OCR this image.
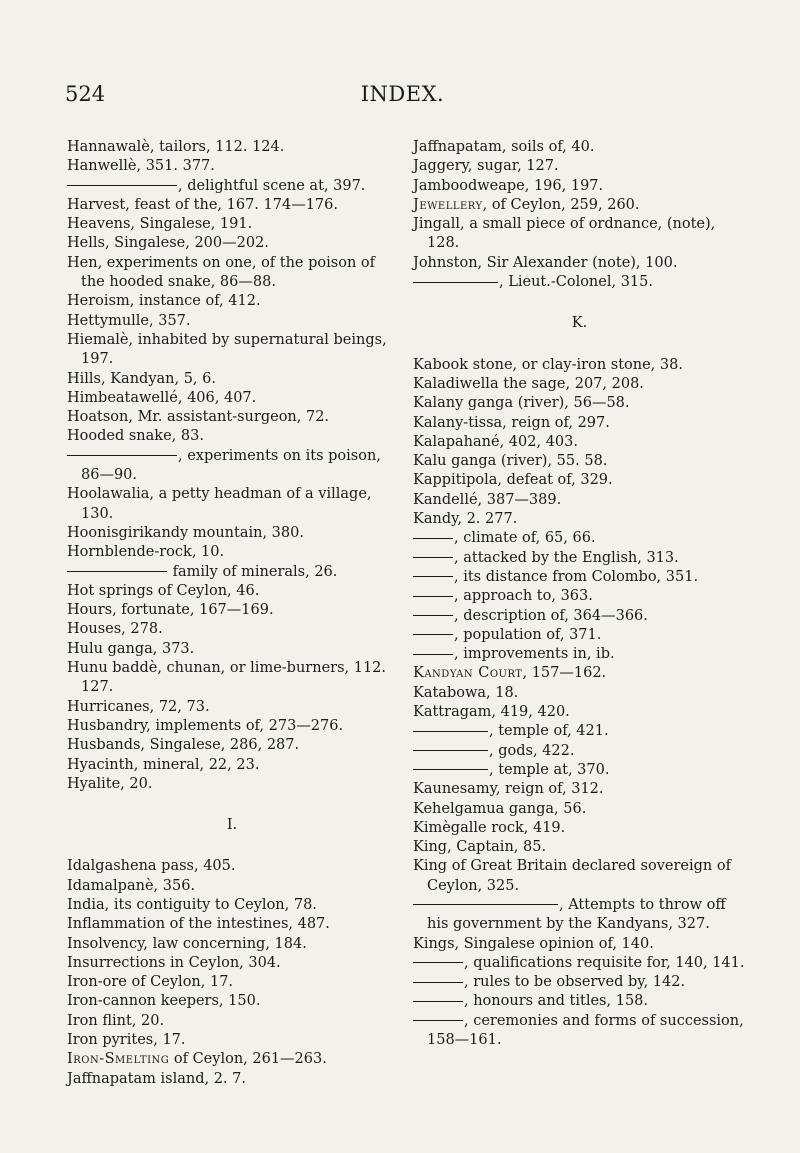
524	INDEX.
Hannawalè, tailors, 112. 124.
Hanwellè, 351. 377.
, delightful scene at, 397.
Harvest, feast of the, 167. 174—176.
Heavens, Singalese, 191.
Hells, Singalese, 200—202.
Hen, experiments on one, of the poison of the hooded snake, 86—88.
Heroism, instance of, 412.
Hettymulle, 357.
Hiemalè, inhabited by supernatural beings, 197.
Hills, Kandyan, 5, 6.
Himbeatawellé, 406, 407.
Hoatson, Mr. assistant-surgeon, 72.
Hooded snake, 83.
, experiments on its poison, 86—90.
Hoolawalia, a petty headman of a village, 130.
Hoonisgirikandy mountain, 380.
Hornblende-rock, 10.
family of minerals, 26.
Hot springs of Ceylon, 46.
Hours, fortunate, 167—169.
Houses, 278.
Hulu ganga, 373.
Hunu baddè, chunan, or lime-burners, 112. 127.
Hurricanes, 72, 73.
Husbandry, implements of, 273—276.
Husbands, Singalese, 286, 287.
Hyacinth, mineral, 22, 23.
Hyalite, 20.
I.
Idalgashena pass, 405.
Idamalpanè, 356.
India, its contiguity to Ceylon, 78.
Inflammation of the intestines, 487.
Insolvency, law concerning, 184.
Insurrections in Ceylon, 304.
Iron-ore of Ceylon, 17.
Iron-cannon keepers, 150.
Iron flint, 20.
Iron pyrites, 17.
Iron-Smelting of Ceylon, 261—263.
Jaffnapatam island, 2. 7.
Jaffnapatam, soils of, 40.
Jaggery, sugar, 127.
Jamboodweape, 196, 197.
Jewellery, of Ceylon, 259, 260.
Jingall, a small piece of ordnance, (note), 128.
Johnston, Sir Alexander (note), 100.
, Lieut.-Colonel, 315.
K.
Kabook stone, or clay-iron stone, 38.
Kaladiwella the sage, 207, 208.
Kalany ganga (river), 56—58.
Kalany-tissa, reign of, 297.
Kalapahané, 402, 403.
Kalu ganga (river), 55. 58.
Kappitipola, defeat of, 329.
Kandellé, 387—389.
Kandy, 2. 277.
, climate of, 65, 66.
, attacked by the English, 313.
, its distance from Colombo, 351.
, approach to, 363.
, description of, 364—366.
, population of, 371.
, improvements in, ib.
Kandyan Court, 157—162.
Katabowa, 18.
Kattragam, 419, 420.
, temple of, 421.
, gods, 422.
, temple at, 370.
Kaunesamy, reign of, 312.
Kehelgamua ganga, 56.
Kimègalle rock, 419.
King, Captain, 85.
King of Great Britain declared sovereign of Ceylon, 325.
, Attempts to throw off his government by the Kandyans, 327.
Kings, Singalese opinion of, 140.
, qualifications requisite for, 140, 141.
, rules to be observed by, 142.
, honours and titles, 158.
, ceremonies and forms of succession, 158—161.
